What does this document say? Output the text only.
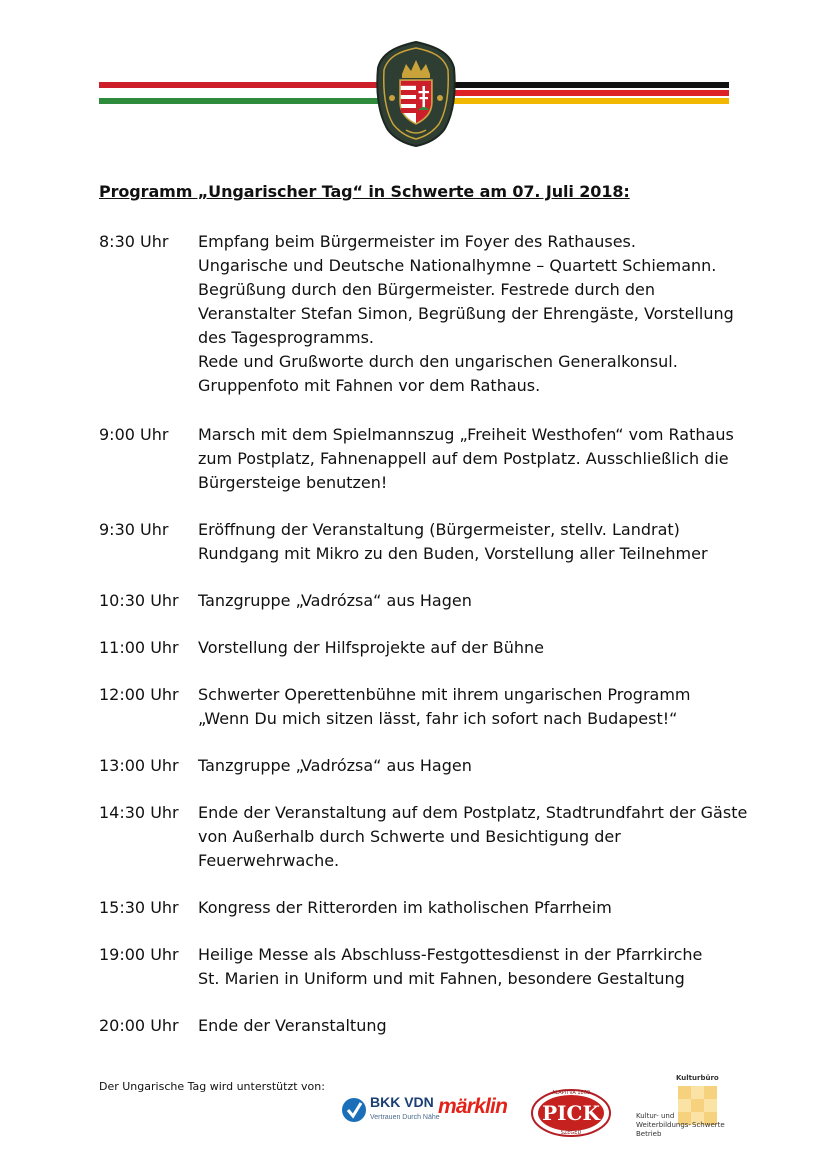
Programm „Ungarischer Tag“ in Schwerte am 07. Juli 2018:
8:30 Uhr	Empfang beim Bürgermeister im Foyer des Rathauses.
Ungarische und Deutsche Nationalhymne – Quartett Schiemann.
Begrüßung durch den Bürgermeister. Festrede durch den
Veranstalter Stefan Simon, Begrüßung der Ehrengäste, Vorstellung
des Tagesprogramms.
Rede und Grußworte durch den ungarischen Generalkonsul.
Gruppenfoto mit Fahnen vor dem Rathaus.
9:00 Uhr	Marsch mit dem Spielmannszug „Freiheit Westhofen“ vom Rathaus
zum Postplatz, Fahnenappell auf dem Postplatz. Ausschließlich die
Bürgersteige benutzen!
9:30 Uhr	Eröffnung der Veranstaltung (Bürgermeister, stellv. Landrat)
Rundgang mit Mikro zu den Buden, Vorstellung aller Teilnehmer
10:30 Uhr	Tanzgruppe „Vadrózsa“ aus Hagen
11:00 Uhr	Vorstellung der Hilfsprojekte auf der Bühne
12:00 Uhr	Schwerter Operettenbühne mit ihrem ungarischen Programm
„Wenn Du mich sitzen lässt, fahr ich sofort nach Budapest!“
13:00 Uhr	Tanzgruppe „Vadrózsa“ aus Hagen
14:30 Uhr	Ende der Veranstaltung auf dem Postplatz, Stadtrundfahrt der Gäste
von Außerhalb durch Schwerte und Besichtigung der
Feuerwehrwache.
15:30 Uhr	Kongress der Ritterorden im katholischen Pfarrheim
19:00 Uhr	Heilige Messe als Abschluss-Festgottesdienst in der Pfarrkirche
St. Marien in Uniform und mit Fahnen, besondere Gestaltung
20:00 Uhr	Ende der Veranstaltung
Der Ungarische Tag wird unterstützt von:
BKK VDN
Vertrauen Durch Nähe
märklin
ALAPÍTVA 1869
PICK
SZEGED
Kulturbüro
Kultur- und
Weiterbildungs- Schwerte
Betrieb
